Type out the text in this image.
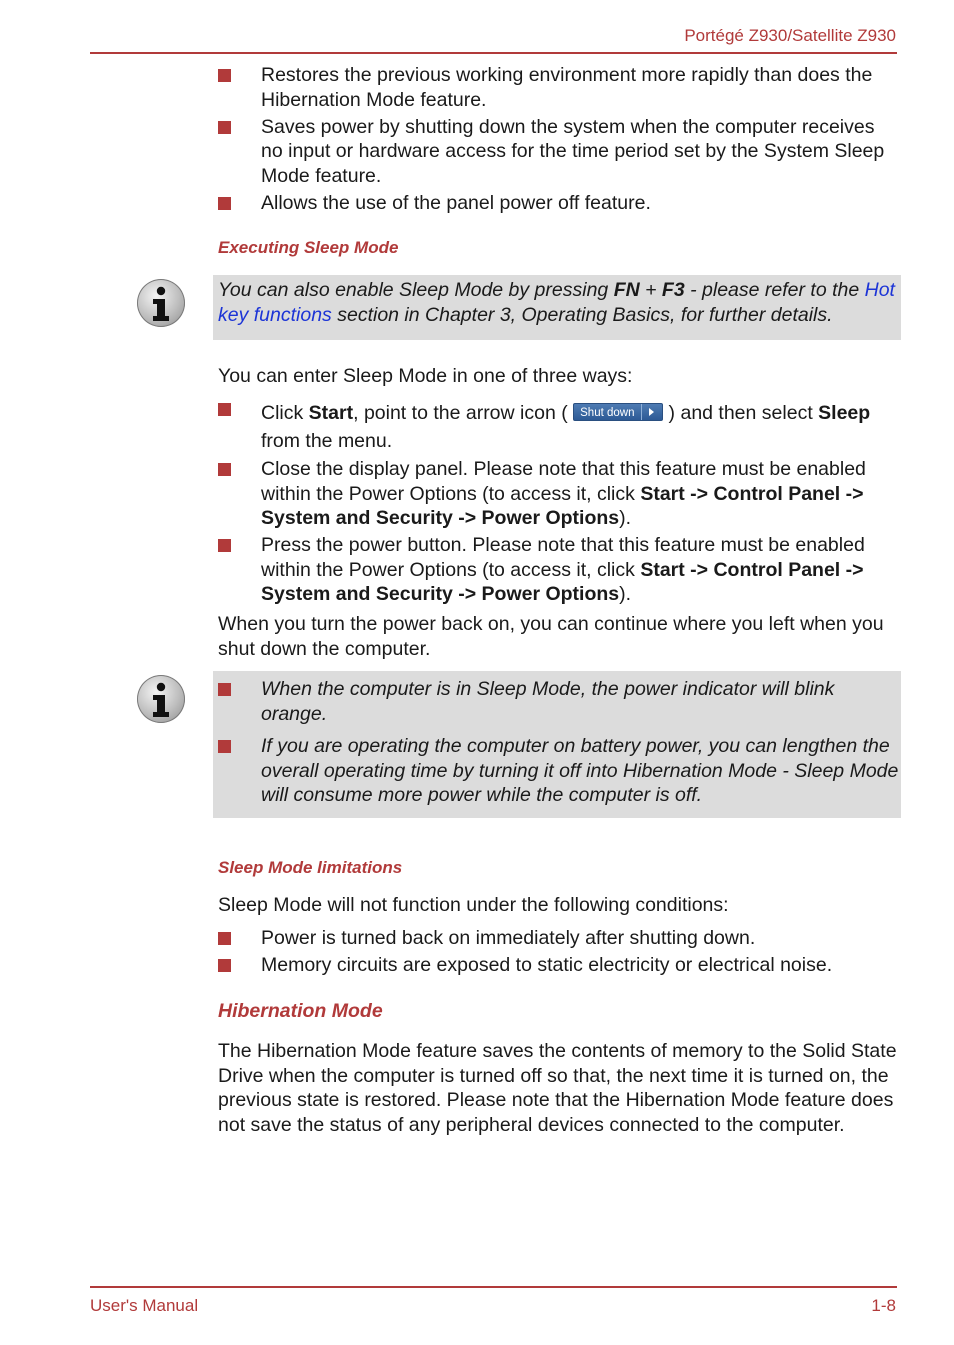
Portégé Z930/Satellite Z930
Restores the previous working environment more rapidly than does the Hibernation Mode feature.
Saves power by shutting down the system when the computer receives no input or hardware access for the time period set by the System Sleep Mode feature.
Allows the use of the panel power off feature.
Executing Sleep Mode
You can also enable Sleep Mode by pressing FN + F3 - please refer to the Hot key functions section in Chapter 3, Operating Basics, for further details.
You can enter Sleep Mode in one of three ways:
Click Start, point to the arrow icon ( Shut down ) and then select Sleep from the menu.
Close the display panel. Please note that this feature must be enabled within the Power Options (to access it, click Start -> Control Panel -> System and Security -> Power Options).
Press the power button. Please note that this feature must be enabled within the Power Options (to access it, click Start -> Control Panel -> System and Security -> Power Options).
When you turn the power back on, you can continue where you left when you shut down the computer.
When the computer is in Sleep Mode, the power indicator will blink orange.
If you are operating the computer on battery power, you can lengthen the overall operating time by turning it off into Hibernation Mode - Sleep Mode will consume more power while the computer is off.
Sleep Mode limitations
Sleep Mode will not function under the following conditions:
Power is turned back on immediately after shutting down.
Memory circuits are exposed to static electricity or electrical noise.
Hibernation Mode
The Hibernation Mode feature saves the contents of memory to the Solid State Drive when the computer is turned off so that, the next time it is turned on, the previous state is restored. Please note that the Hibernation Mode feature does not save the status of any peripheral devices connected to the computer.
User's Manual	1-8
